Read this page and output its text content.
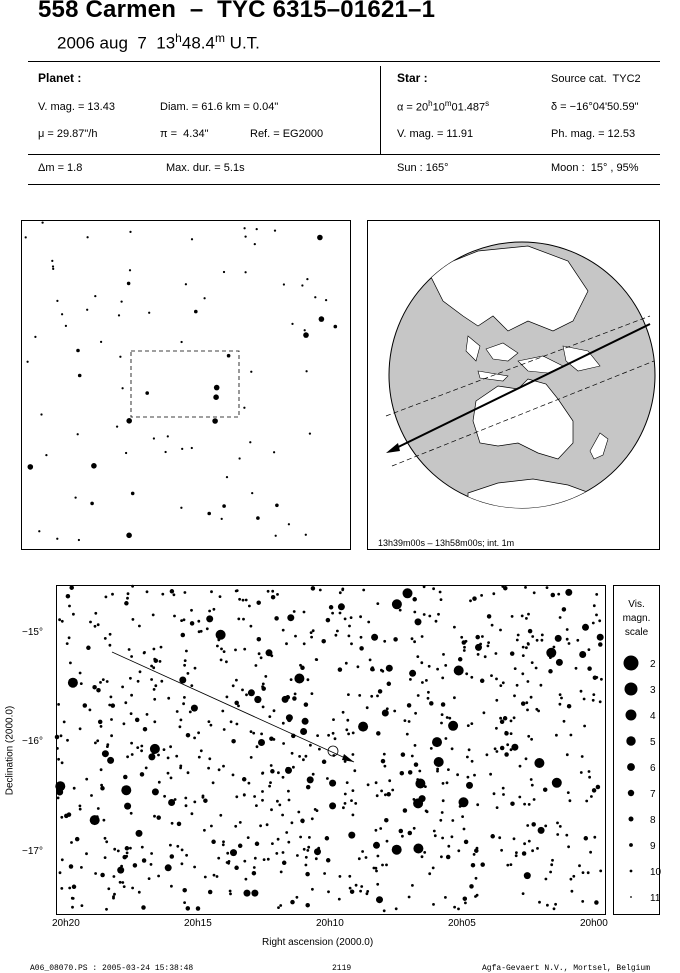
558 Carmen  –  TYC 6315–01621–1
2006 aug  7  13$^h$48.4$^m$ U.T.
Planet :
V. mag. = 13.43	Diam. = 61.6 km = 0.04"
μ = 29.87"/h	π =  4.34"	Ref. = EG2000
Δm = 1.8	Max. dur. = 5.1s
Star :	Source cat.  TYC2
$\alpha = 20^h10^m01.487^s$	δ = −16°04'50.59"
V. mag. = 11.91	Ph. mag. = 12.53
Sun : 165°	Moon :  15° , 95%
13h39m00s – 13h58m00s; int. 1m
−15°
−16°
−17°
20h20	20h15	20h10	20h05	20h00
Declination (2000.0)
Right ascension (2000.0)
Vis.
magn.
scale
2
3
4
5
6
7
8
9
10
11
A06_08070.PS : 2005-03-24 15:38:48	2119	Agfa-Gevaert N.V., Mortsel, Belgium
